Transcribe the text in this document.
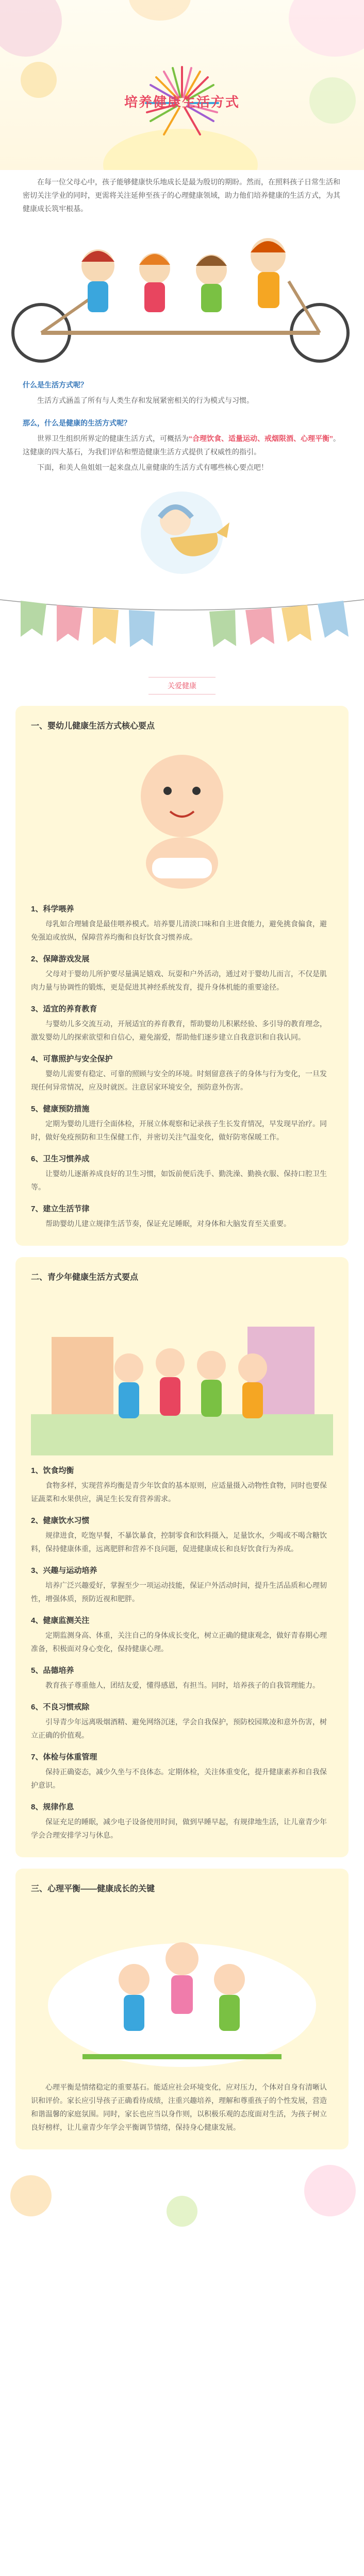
培养健康生活方式

在每一位父母心中，孩子能够健康快乐地成长是最为殷切的期盼。然而，在照料孩子日常生活和密切关注学业的同时，更需将关注延伸至孩子的心理健康领域，助力他们培养健康的生活方式，为其健康成长筑牢根基。

什么是生活方式呢？

生活方式涵盖了所有与人类生存和发展紧密相关的行为模式与习惯。

那么，什么是健康的生活方式呢？

世界卫生组织所界定的健康生活方式，可概括为“合理饮食、适量运动、戒烟限酒、心理平衡”。这健康的四大基石，为我们评估和塑造健康生活方式提供了权威性的指引。

下面，和美人鱼姐姐一起来盘点儿童健康的生活方式有哪些核心要点吧！

关爱健康
一、婴幼儿健康生活方式核心要点
1、科学喂养
母乳如合理辅食是最佳喂养模式。培养婴儿清淡口味和自主进食能力，避免挑食偏食，避免强迫或放纵，保障营养均衡和良好饮食习惯养成。
2、保障游戏发展
父母对于婴幼儿所护要尽量满足嬉戏、玩耍和户外活动，通过对于婴幼儿而言，不仅是肌肉力量与协调性的锻炼，更是促进其神经系统发育，提升身体机能的重要途径。
3、适宜的养育教育
与婴幼儿多交流互动，开展适宜的养育教育，帮助婴幼儿积累经验、多引导的教育理念，激发婴幼儿的探索欲望和自信心，避免溺爱，帮助他们逐步建立自我意识和自我认同。
4、可靠照护与安全保护
婴幼儿需要有稳定、可靠的照顾与安全的环境。时刻留意孩子的身体与行为变化，一旦发现任何异常情况，应及时就医。注意居家环境安全，预防意外伤害。
5、健康预防措施
定期为婴幼儿进行全面体检，开展立体观察和记录孩子生长发育情况，早发现早治疗。同时，做好免疫预防和卫生保健工作，并密切关注气温变化，做好防寒保暖工作。
6、卫生习惯养成
让婴幼儿逐渐养成良好的卫生习惯，如饭前便后洗手、勤洗澡、勤换衣服、保持口腔卫生等。
7、建立生活节律
帮助婴幼儿建立规律生活节奏，保证充足睡眠，对身体和大脑发育至关重要。
二、青少年健康生活方式要点
1、饮食均衡
食物多样，实现营养均衡是青少年饮食的基本原则，应适量摄入动物性食物，同时也要保证蔬菜和水果供应，满足生长发育营养需求。
2、健康饮水习惯
规律进食，吃饱早餐，不暴饮暴食，控制零食和饮料摄入，足量饮水，少喝或不喝含糖饮料，保持健康体重，远离肥胖和营养不良问题，促进健康成长和良好饮食行为养成。
3、兴趣与运动培养
培养广泛兴趣爱好，掌握至少一项运动技能，保证户外活动时间，提升生活品质和心理韧性，增强体质，预防近视和肥胖。
4、健康监测关注
定期监测身高、体重，关注自己的身体成长变化，树立正确的健康观念，做好青春期心理准备，积极面对身心变化，保持健康心理。
5、品德培养
教育孩子尊重他人，团结友爱，懂得感恩，有担当。同时，培养孩子的自我管理能力。
6、不良习惯戒除
引导青少年远离吸烟酒精、避免网络沉迷，学会自我保护，预防校园欺凌和意外伤害，树立正确的价值观。
7、体检与体重管理
保持正确姿态，减少久坐与不良体态。定期体检，关注体重变化，提升健康素养和自我保护意识。
8、规律作息
保证充足的睡眠，减少电子设备使用时间，做到早睡早起，有规律地生活，让儿童青少年学会合理安排学习与休息。
三、心理平衡——健康成长的关键
心理平衡是情绪稳定的重要基石。能适应社会环境变化，应对压力，个体对自身有清晰认识和评价。家长应引导孩子正确看待成绩，注重兴趣培养，理解和尊重孩子的个性发展，营造和谐温馨的家庭氛围。同时，家长也应当以身作则，以积极乐观的态度面对生活，为孩子树立良好榜样，让儿童青少年学会平衡调节情绪，保持身心健康发展。
